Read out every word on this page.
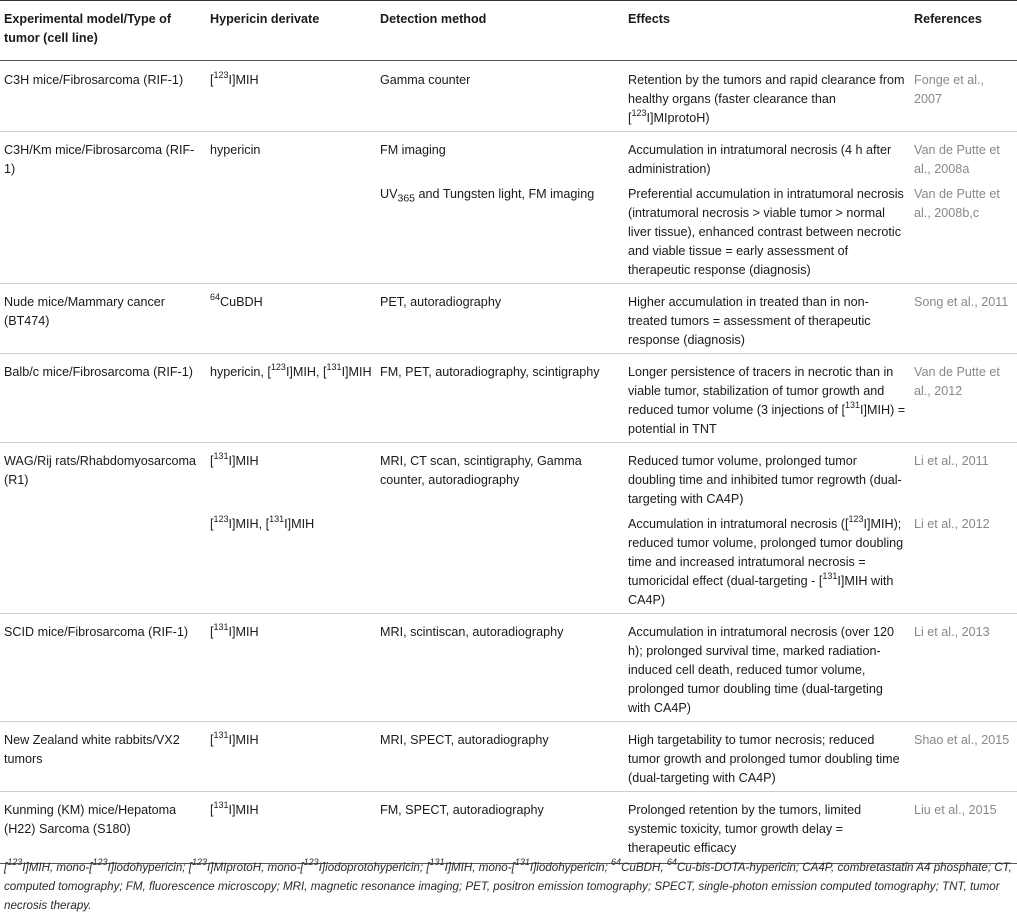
Experimental model/Type of tumor (cell line)	Hypericin derivate	Detection method	Effects	References
C3H mice/Fibrosarcoma (RIF-1)	[$^{123}$I]MIH	Gamma counter	Retention by the tumors and rapid clearance from healthy organs (faster clearance than [$^{123}$I]MIprotoH)	Fonge et al., 2007
C3H/Km mice/Fibrosarcoma (RIF-1)	hypericin	FM imaging	Accumulation in intratumoral necrosis (4 h after administration)	Van de Putte et al., 2008a
		$UV_{365}$ and Tungsten light, FM imaging	Preferential accumulation in intratumoral necrosis (intratumoral necrosis > viable tumor > normal liver tissue), enhanced contrast between necrotic and viable tissue = early assessment of therapeutic response (diagnosis)	Van de Putte et al., 2008b,c
Nude mice/Mammary cancer (BT474)	$^{64}$CuBDH	PET, autoradiography	Higher accumulation in treated than in non-treated tumors = assessment of therapeutic response (diagnosis)	Song et al., 2011
Balb/c mice/Fibrosarcoma (RIF-1)	hypericin, [$^{123}$I]MIH, [$^{131}$I]MIH	FM, PET, autoradiography, scintigraphy	Longer persistence of tracers in necrotic than in viable tumor, stabilization of tumor growth and reduced tumor volume (3 injections of [$^{131}$I]MIH) = potential in TNT	Van de Putte et al., 2012
WAG/Rij rats/Rhabdomyosarcoma (R1)	[$^{131}$I]MIH	MRI, CT scan, scintigraphy, Gamma counter, autoradiography	Reduced tumor volume, prolonged tumor doubling time and inhibited tumor regrowth (dual-targeting with CA4P)	Li et al., 2011
	[$^{123}$I]MIH, [$^{131}$I]MIH		Accumulation in intratumoral necrosis ([$^{123}$I]MIH); reduced tumor volume, prolonged tumor doubling time and increased intratumoral necrosis = tumoricidal effect (dual-targeting - [$^{131}$I]MIH with CA4P)	Li et al., 2012
SCID mice/Fibrosarcoma (RIF-1)	[$^{131}$I]MIH	MRI, scintiscan, autoradiography	Accumulation in intratumoral necrosis (over 120 h); prolonged survival time, marked radiation-induced cell death, reduced tumor volume, prolonged tumor doubling time (dual-targeting with CA4P)	Li et al., 2013
New Zealand white rabbits/VX2 tumors	[$^{131}$I]MIH	MRI, SPECT, autoradiography	High targetability to tumor necrosis; reduced tumor growth and prolonged tumor doubling time (dual-targeting with CA4P)	Shao et al., 2015
Kunming (KM) mice/Hepatoma (H22) Sarcoma (S180)	[$^{131}$I]MIH	FM, SPECT, autoradiography	Prolonged retention by the tumors, limited systemic toxicity, tumor growth delay = therapeutic efficacy	Liu et al., 2015
[$^{123}$I]MIH, mono-[$^{123}$I]iodohypericin; [$^{123}$I]MIprotoH, mono-[$^{123}$I]iodoprotohypericin; [$^{131}$I]MIH, mono-[$^{131}$I]iodohypericin; $^{64}$CuBDH, $^{64}$Cu-bis-DOTA-hypericin; CA4P, combretastatin A4 phosphate; CT, computed tomography; FM, fluorescence microscopy; MRI, magnetic resonance imaging; PET, positron emission tomography; SPECT, single-photon emission computed tomography; TNT, tumor necrosis therapy.
